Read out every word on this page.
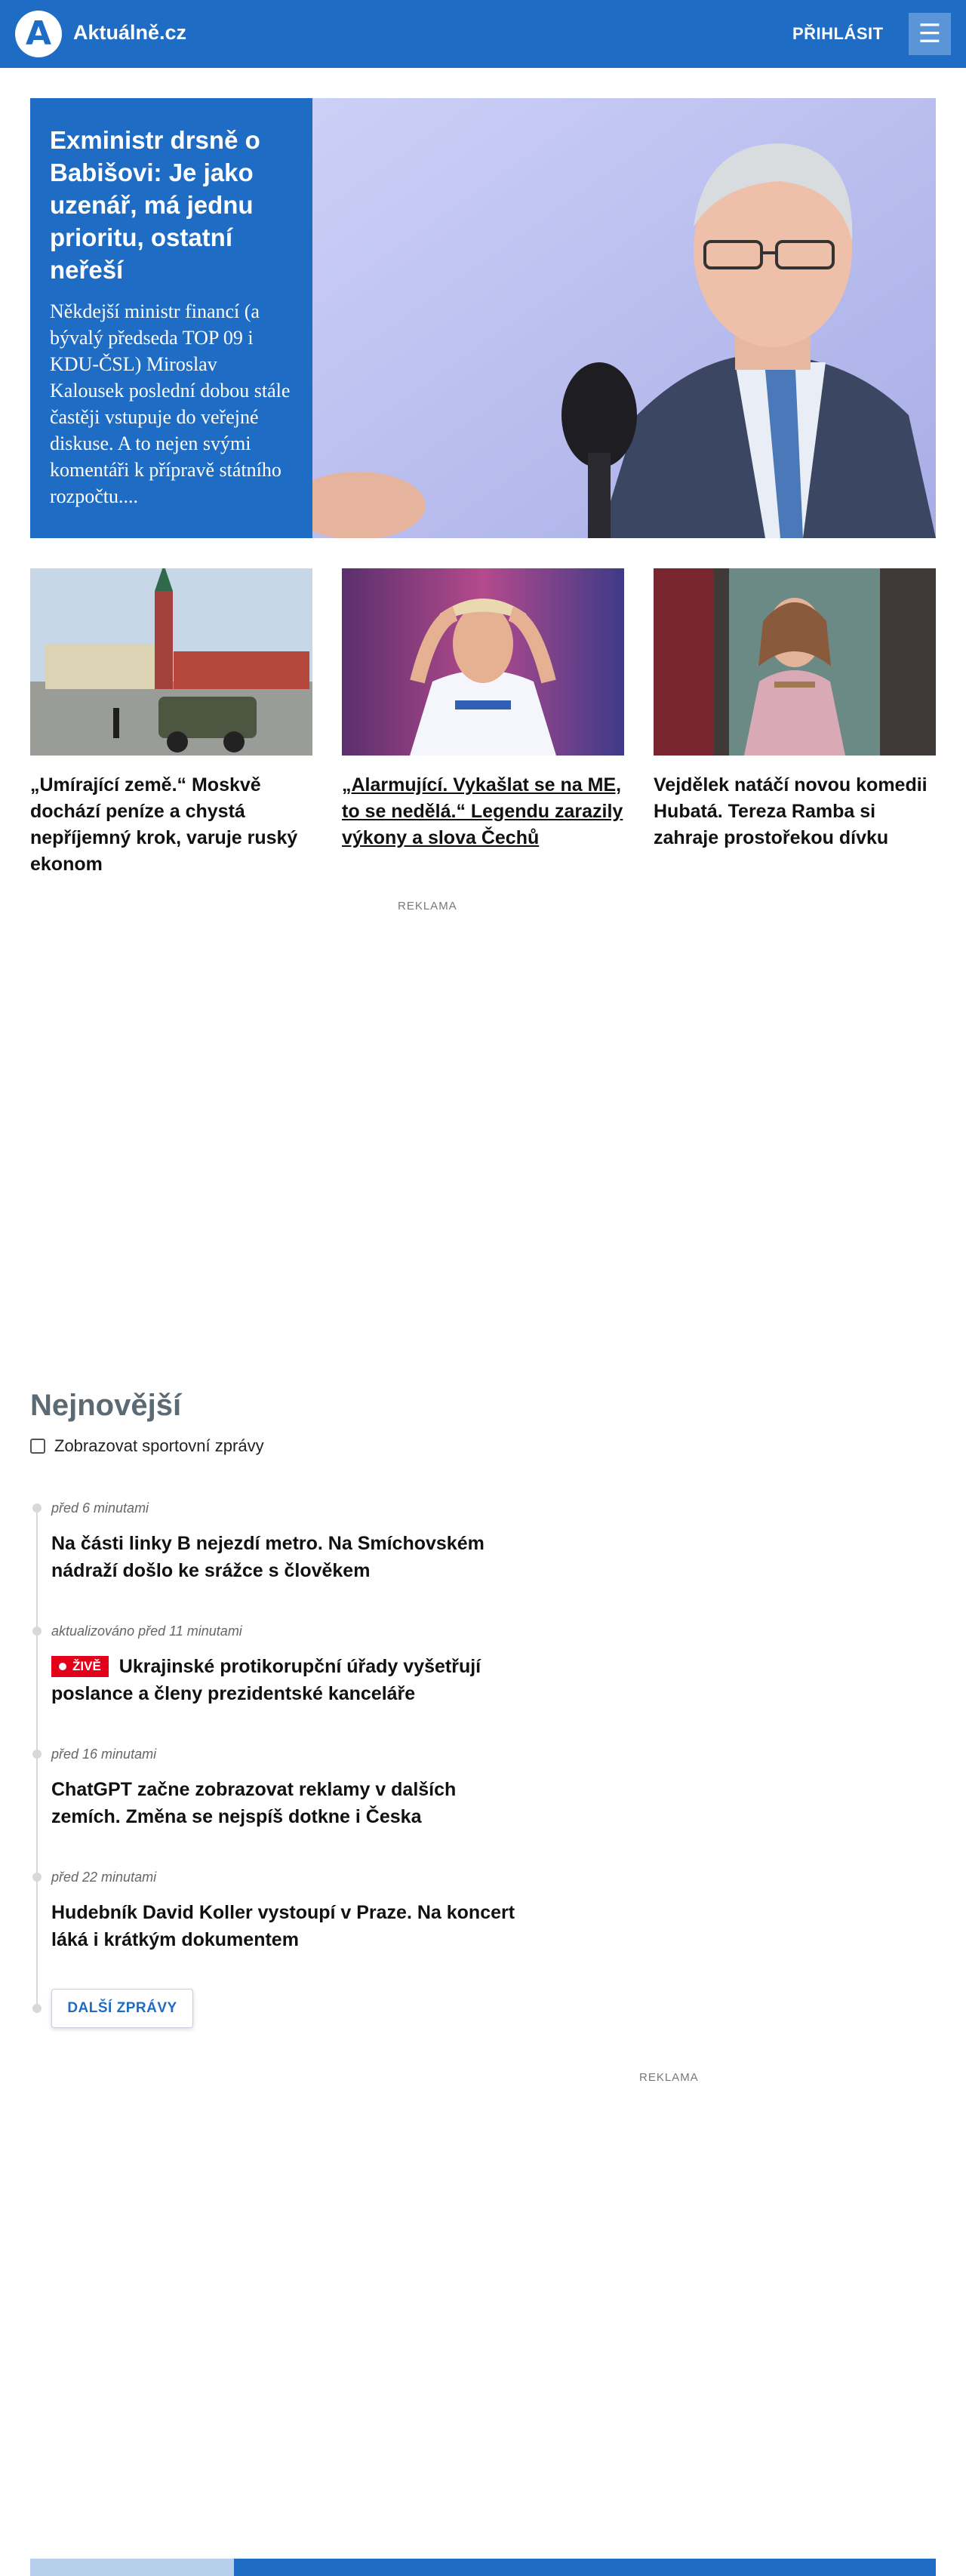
A Aktuálně.cz	PŘIHLÁSIT ☰
Exministr drsně o Babišovi: Je jako uzenář, má jednu prioritu, ostatní neřeší
Někdejší ministr financí (a bývalý předseda TOP 09 i KDU-ČSL) Miroslav Kalousek poslední dobou stále častěji vstupuje do veřejné diskuse. A to nejen svými komentáři k přípravě státního rozpočtu....
„Umírající země.“ Moskvě dochází peníze a chystá nepříjemný krok, varuje ruský ekonom
„Alarmující. Vykašlat se na ME, to se nedělá.“ Legendu zarazily výkony a slova Čechů
Vejdělek natáčí novou komedii Hubatá. Tereza Ramba si zahraje prostořekou dívku
REKLAMA
Nejnovější
Zobrazovat sportovní zprávy
před 6 minutami
Na části linky B nejezdí metro. Na Smíchovském nádraží došlo ke srážce s člověkem
aktualizováno před 11 minutami
ŽIVĚ Ukrajinské protikorupční úřady vyšetřují poslance a členy prezidentské kanceláře
před 16 minutami
ChatGPT začne zobrazovat reklamy v dalších zemích. Změna se nejspíš dotkne i Česka
před 22 minutami
Hudebník David Koller vystoupí v Praze. Na koncert láká i krátkým dokumentem
DALŠÍ ZPRÁVY
REKLAMA
